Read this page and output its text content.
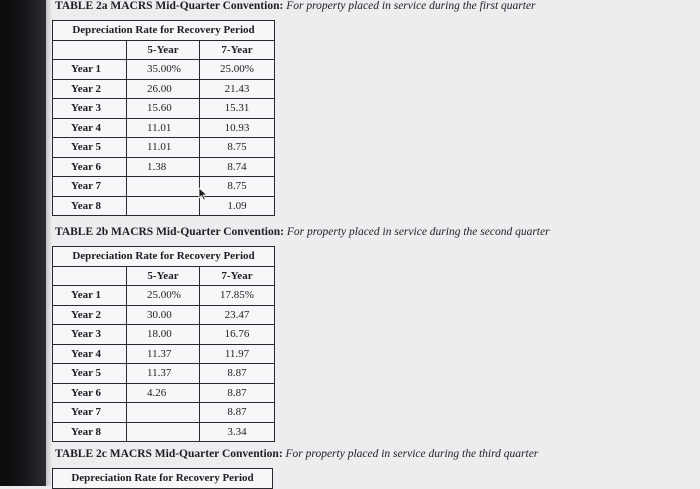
TABLE 2a MACRS Mid-Quarter Convention: For property placed in service during the first quarter
Depreciation Rate for Recovery Period		
	5-Year	7-Year
Year 1	35.00%	25.00%
Year 2	26.00	21.43
Year 3	15.60	15.31
Year 4	11.01	10.93
Year 5	11.01	8.75
Year 6	1.38	8.74
Year 7		8.75
Year 8		1.09
TABLE 2b MACRS Mid-Quarter Convention: For property placed in service during the second quarter
Depreciation Rate for Recovery Period		
	5-Year	7-Year
Year 1	25.00%	17.85%
Year 2	30.00	23.47
Year 3	18.00	16.76
Year 4	11.37	11.97
Year 5	11.37	8.87
Year 6	4.26	8.87
Year 7		8.87
Year 8		3.34
TABLE 2c MACRS Mid-Quarter Convention: For property placed in service during the third quarter
Depreciation Rate for Recovery Period
